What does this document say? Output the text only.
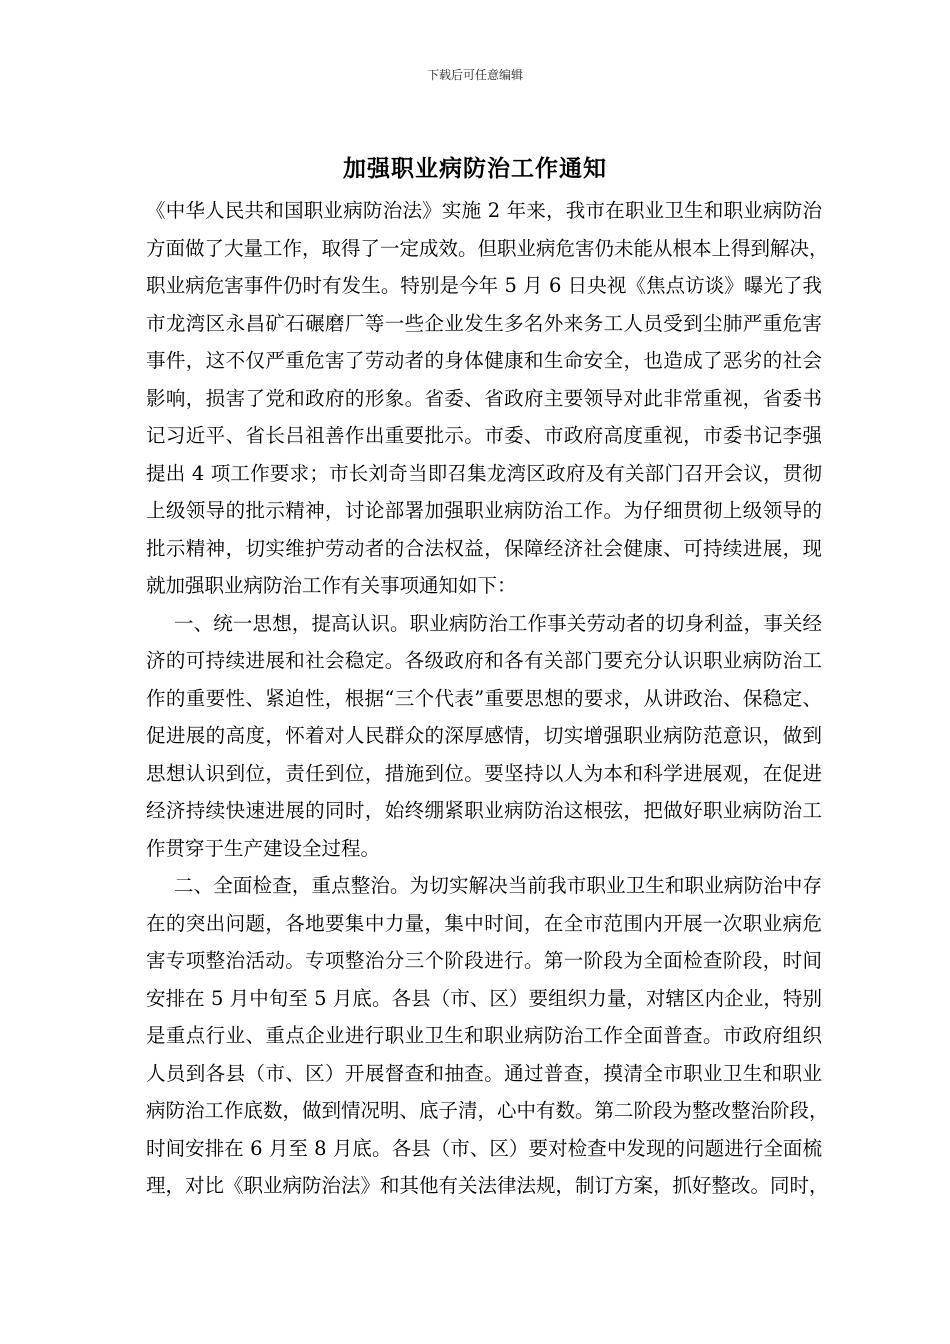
下载后可任意编辑
加强职业病防治工作通知
《中华人民共和国职业病防治法》实施 2 年来，我市在职业卫生和职业病防治
方面做了大量工作，取得了一定成效。但职业病危害仍未能从根本上得到解决，
职业病危害事件仍时有发生。特别是今年 5 月 6 日央视《焦点访谈》曝光了我
市龙湾区永昌矿石碾磨厂等一些企业发生多名外来务工人员受到尘肺严重危害
事件，这不仅严重危害了劳动者的身体健康和生命安全，也造成了恶劣的社会
影响，损害了党和政府的形象。省委、省政府主要领导对此非常重视，省委书
记习近平、省长吕祖善作出重要批示。市委、市政府高度重视，市委书记李强
提出 4 项工作要求；市长刘奇当即召集龙湾区政府及有关部门召开会议，贯彻
上级领导的批示精神，讨论部署加强职业病防治工作。为仔细贯彻上级领导的
批示精神，切实维护劳动者的合法权益，保障经济社会健康、可持续进展，现
就加强职业病防治工作有关事项通知如下：
一、统一思想，提高认识。职业病防治工作事关劳动者的切身利益，事关经
济的可持续进展和社会稳定。各级政府和各有关部门要充分认识职业病防治工
作的重要性、紧迫性，根据“三个代表”重要思想的要求，从讲政治、保稳定、
促进展的高度，怀着对人民群众的深厚感情，切实增强职业病防范意识，做到
思想认识到位，责任到位，措施到位。要坚持以人为本和科学进展观，在促进
经济持续快速进展的同时，始终绷紧职业病防治这根弦，把做好职业病防治工
作贯穿于生产建设全过程。
二、全面检查，重点整治。为切实解决当前我市职业卫生和职业病防治中存
在的突出问题，各地要集中力量，集中时间，在全市范围内开展一次职业病危
害专项整治活动。专项整治分三个阶段进行。第一阶段为全面检查阶段，时间
安排在 5 月中旬至 5 月底。各县（市、区）要组织力量，对辖区内企业，特别
是重点行业、重点企业进行职业卫生和职业病防治工作全面普查。市政府组织
人员到各县（市、区）开展督查和抽查。通过普查，摸清全市职业卫生和职业
病防治工作底数，做到情况明、底子清，心中有数。第二阶段为整改整治阶段，
时间安排在 6 月至 8 月底。各县（市、区）要对检查中发现的问题进行全面梳
理，对比《职业病防治法》和其他有关法律法规，制订方案，抓好整改。同时，
